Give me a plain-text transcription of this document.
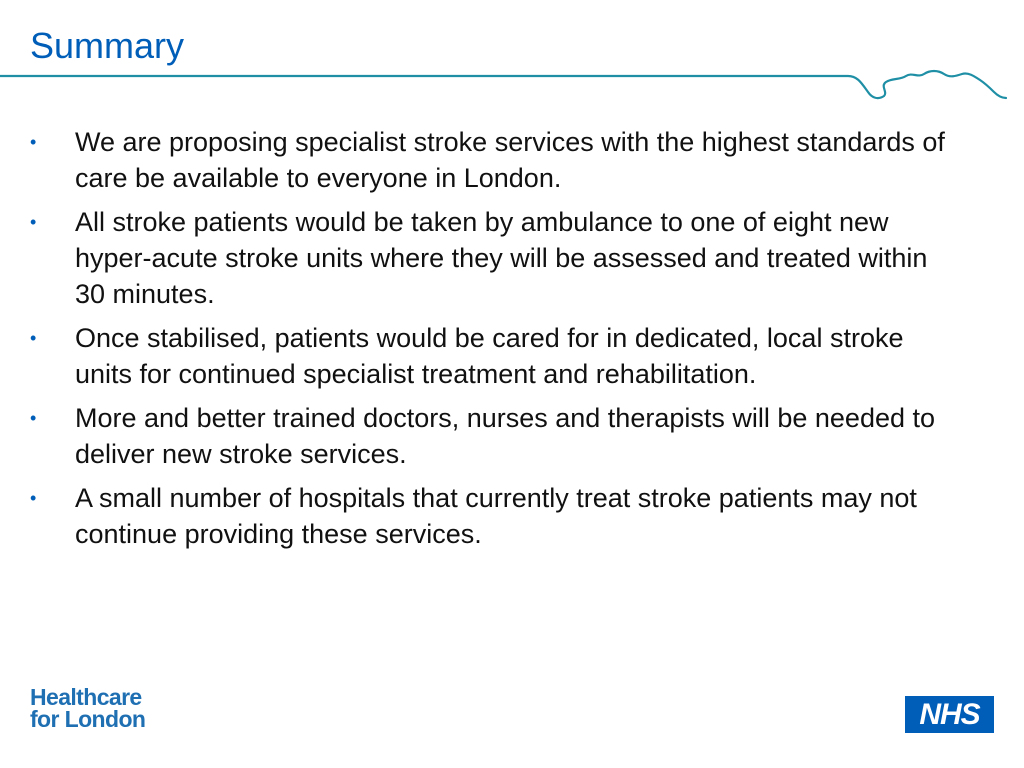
Summary
•	We are proposing specialist stroke services with the highest standards of care be available to everyone in London.
•	All stroke patients would be taken by ambulance to one of eight new hyper-acute stroke units where they will be assessed and treated within 30 minutes.
•	Once stabilised, patients would be cared for in dedicated, local stroke units for continued specialist treatment and rehabilitation.
•	More and better trained doctors, nurses and therapists will be needed to deliver new stroke services.
•	A small number of hospitals that currently treat stroke patients may not continue providing these services.
Healthcare
for London	NHS
